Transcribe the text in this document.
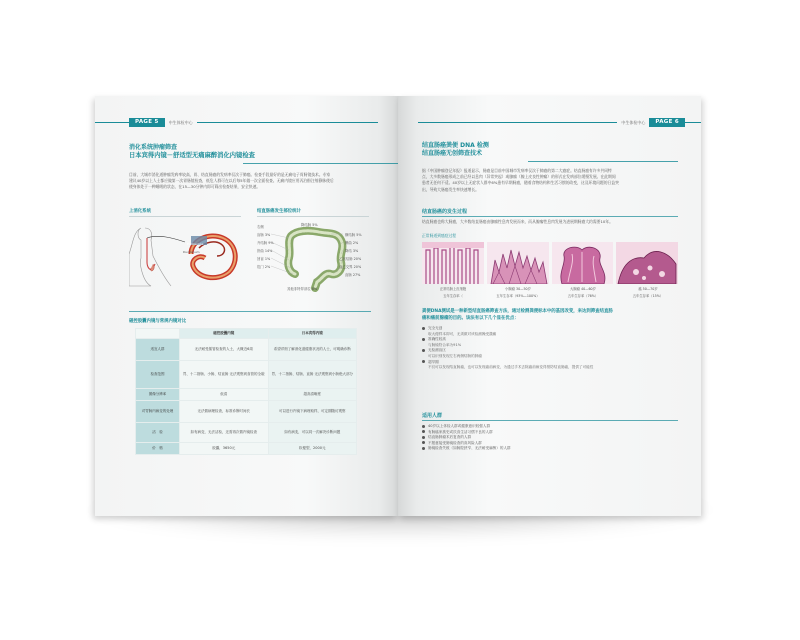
PAGE 5	中生体检中心
消化系统肿瘤筛查
日本宾得内镜－舒适型无痛麻醉消化内镜检查
目前，大城市消化道肿瘤发病率较高，胃、结直肠癌的发病率仅次于肺癌。检查手段最好的是无痛电子胃肠镜技术。专家
建议40岁以上人士都应做第一次胃肠镜检查，低危人群可在以后每5年做一次全面检查。无痛内镜应用丙泊酚注射静脉使后
使身体处于一种睡眠的状态，在15—30分钟内即可筛出检查结果，安全快速。
上消化系统	结直肠癌发生部位统计
Endoscope
Duodenum
右侧	降结肠 5%
盲肠 3%
升结肠 9%
肝曲 14%
回盲 1%
肛门 2%
横结肠 5%
脾曲 2%
降结 3%
乙状结肠 20%
直乙交界 20%
直肠 27%
其他非特异部位 8%
磁控胶囊内镜与常规内镜对比
	磁控胶囊内镜	日本宾得内镜
适宜人群	无法耐受插管检查的人士，大概近6周	希望详细了解消化道健康状况的人士，可明确诊断
检查范围	胃、十二指肠、小肠、结直肠 无法观察到食管的全貌	胃、十二指肠、结肠、直肠 无法观察到小肠绝大部分
图像分辨率	低清	超高清晰度
对胃肠内病变的处理	无法做病理检查，标准诊断时间长	可以进行内镜下病理取样，可定期随访观察
活　检	如有病变，无法活检，还需再次做内镜检查	如有病变，可以同一次解决诊断问题
价　格	胶囊，3650元	软便型，2000元
中生体检中心	PAGE 6
结直肠癌粪便 DNA 检测
结直肠癌无创筛查技术
据《中国肿瘤登记年报》报道显示，肠癌是目前中国城市发病率仅次于肺癌的第二大癌症。结直肠癌有许多共同特
点，大多数肠癌形成之前已经以息肉（异常突起）或腺瘤（腺上皮良性肿瘤）的形式在发病部位缓慢发展。在此期间
患者无任何不适。40岁以上无症状人群中6%患有早期肠癌，随着食物结构和生活习惯的改变，这及环境问题的日益突
出，导致大肠癌发生率快速增长。
结直肠癌的发生过程
结直肠癌也称大肠癌，大多数结直肠癌由腺瘤性息肉发展而来，而从腺瘤性息肉发展为进展期肠癌大约需要10年。
正常肠道到癌症过程
正常结肠上皮细胞	小腺瘤 30—50岁	大腺瘤 40—60岁	癌 50—70岁
五年生存率（	五年生存率（93%—100%）	五年生存率（76%）	五年生存率（15%）
粪便DNA测试是一种新型结直肠癌筛查方法，通过检测粪便标本中的基因改变，来达到筛查结直肠
癌和癌前腺瘤的目的。该法有以下几个显在优点：
完全无创
取大便样本即可，无须做对该检测操受激痛
准确性较高
与肠镜符合率为91%
无检测盲区
可以识别发现左右两侧结肠的肿瘤
超早期
不仅可以发现结直肠癌，也可以发现癌前病变，为通过手术去除癌前病变得预防结直肠癌，提供了可能性
适用人群
40岁以上体检人群或健康意识较强人群
有肠癌家族史或饮食生活习惯不良的人群
结直肠肿瘤术后复查的人群
不愿意接受肠镜检查的高风险人群
肠镜检查失败（如肠腔狭窄、无法耐受麻醉）的人群
